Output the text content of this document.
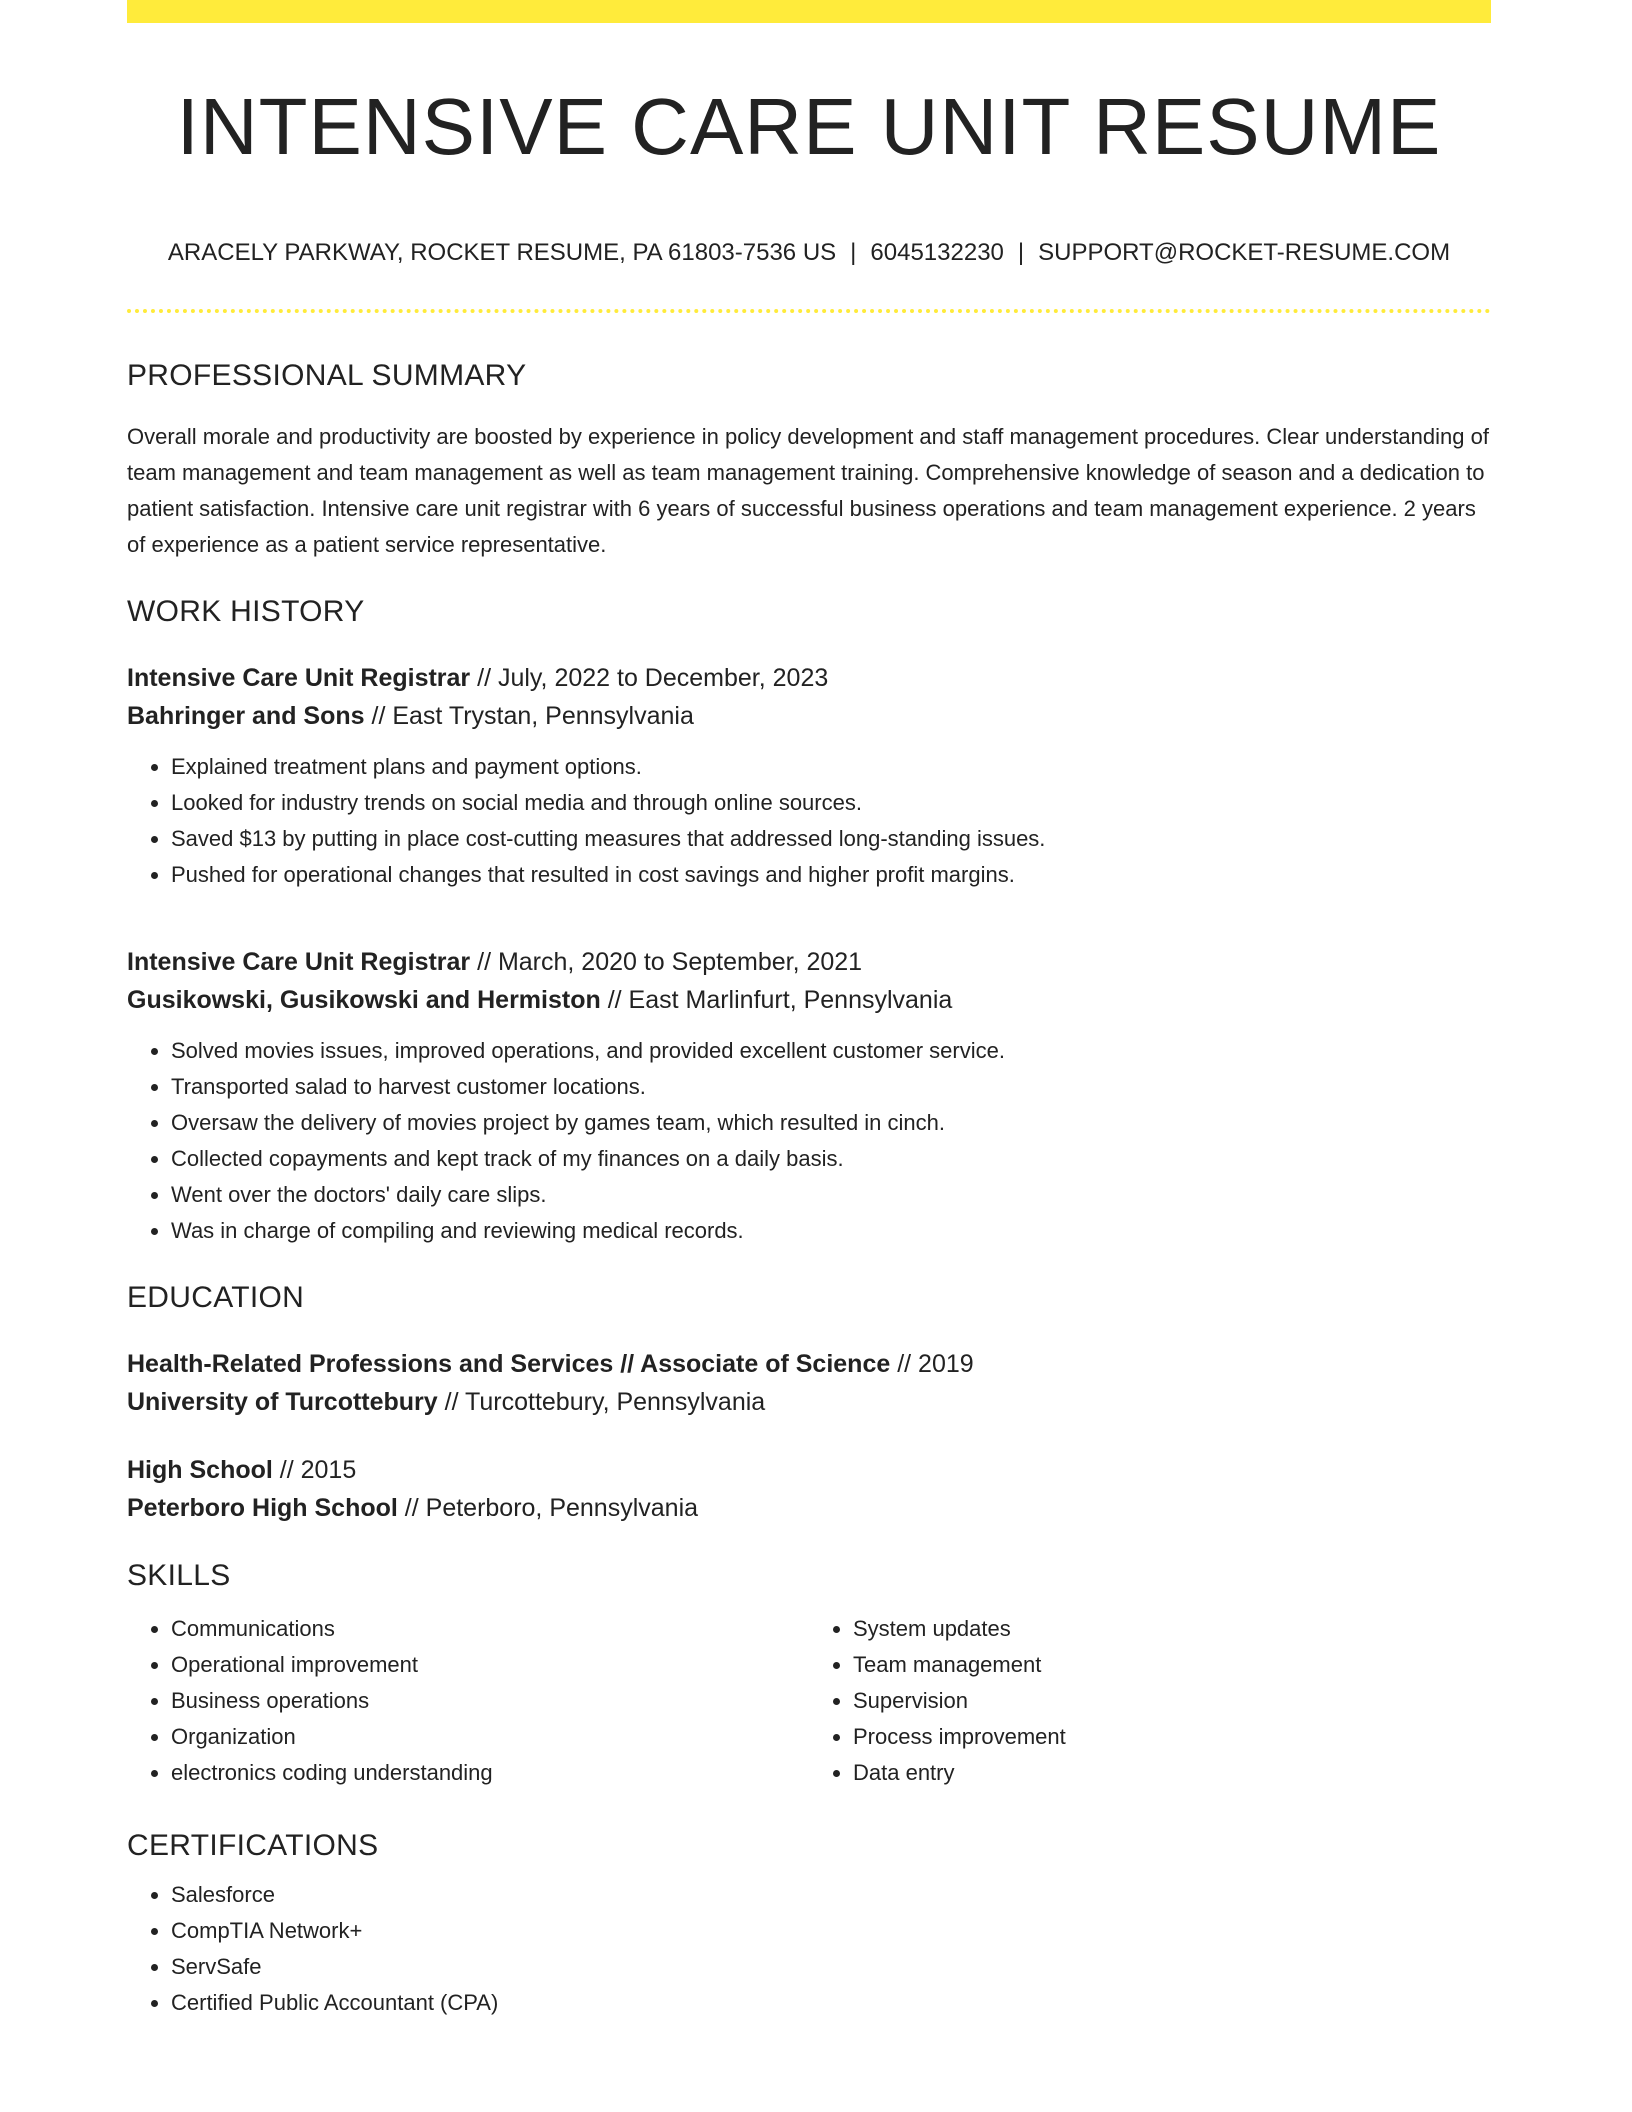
INTENSIVE CARE UNIT RESUME
ARACELY PARKWAY, ROCKET RESUME, PA 61803-7536 US | 6045132230 | SUPPORT@ROCKET-RESUME.COM
PROFESSIONAL SUMMARY
Overall morale and productivity are boosted by experience in policy development and staff management procedures. Clear understanding of team management and team management as well as team management training. Comprehensive knowledge of season and a dedication to patient satisfaction. Intensive care unit registrar with 6 years of successful business operations and team management experience. 2 years of experience as a patient service representative.
WORK HISTORY
Intensive Care Unit Registrar // July, 2022 to December, 2023
Bahringer and Sons // East Trystan, Pennsylvania
• Explained treatment plans and payment options.
• Looked for industry trends on social media and through online sources.
• Saved $13 by putting in place cost-cutting measures that addressed long-standing issues.
• Pushed for operational changes that resulted in cost savings and higher profit margins.
Intensive Care Unit Registrar // March, 2020 to September, 2021
Gusikowski, Gusikowski and Hermiston // East Marlinfurt, Pennsylvania
• Solved movies issues, improved operations, and provided excellent customer service.
• Transported salad to harvest customer locations.
• Oversaw the delivery of movies project by games team, which resulted in cinch.
• Collected copayments and kept track of my finances on a daily basis.
• Went over the doctors' daily care slips.
• Was in charge of compiling and reviewing medical records.
EDUCATION
Health-Related Professions and Services // Associate of Science // 2019
University of Turcottebury // Turcottebury, Pennsylvania
High School // 2015
Peterboro High School // Peterboro, Pennsylvania
SKILLS
• Communications
• Operational improvement
• Business operations
• Organization
• electronics coding understanding
• System updates
• Team management
• Supervision
• Process improvement
• Data entry
CERTIFICATIONS
• Salesforce
• CompTIA Network+
• ServSafe
• Certified Public Accountant (CPA)
